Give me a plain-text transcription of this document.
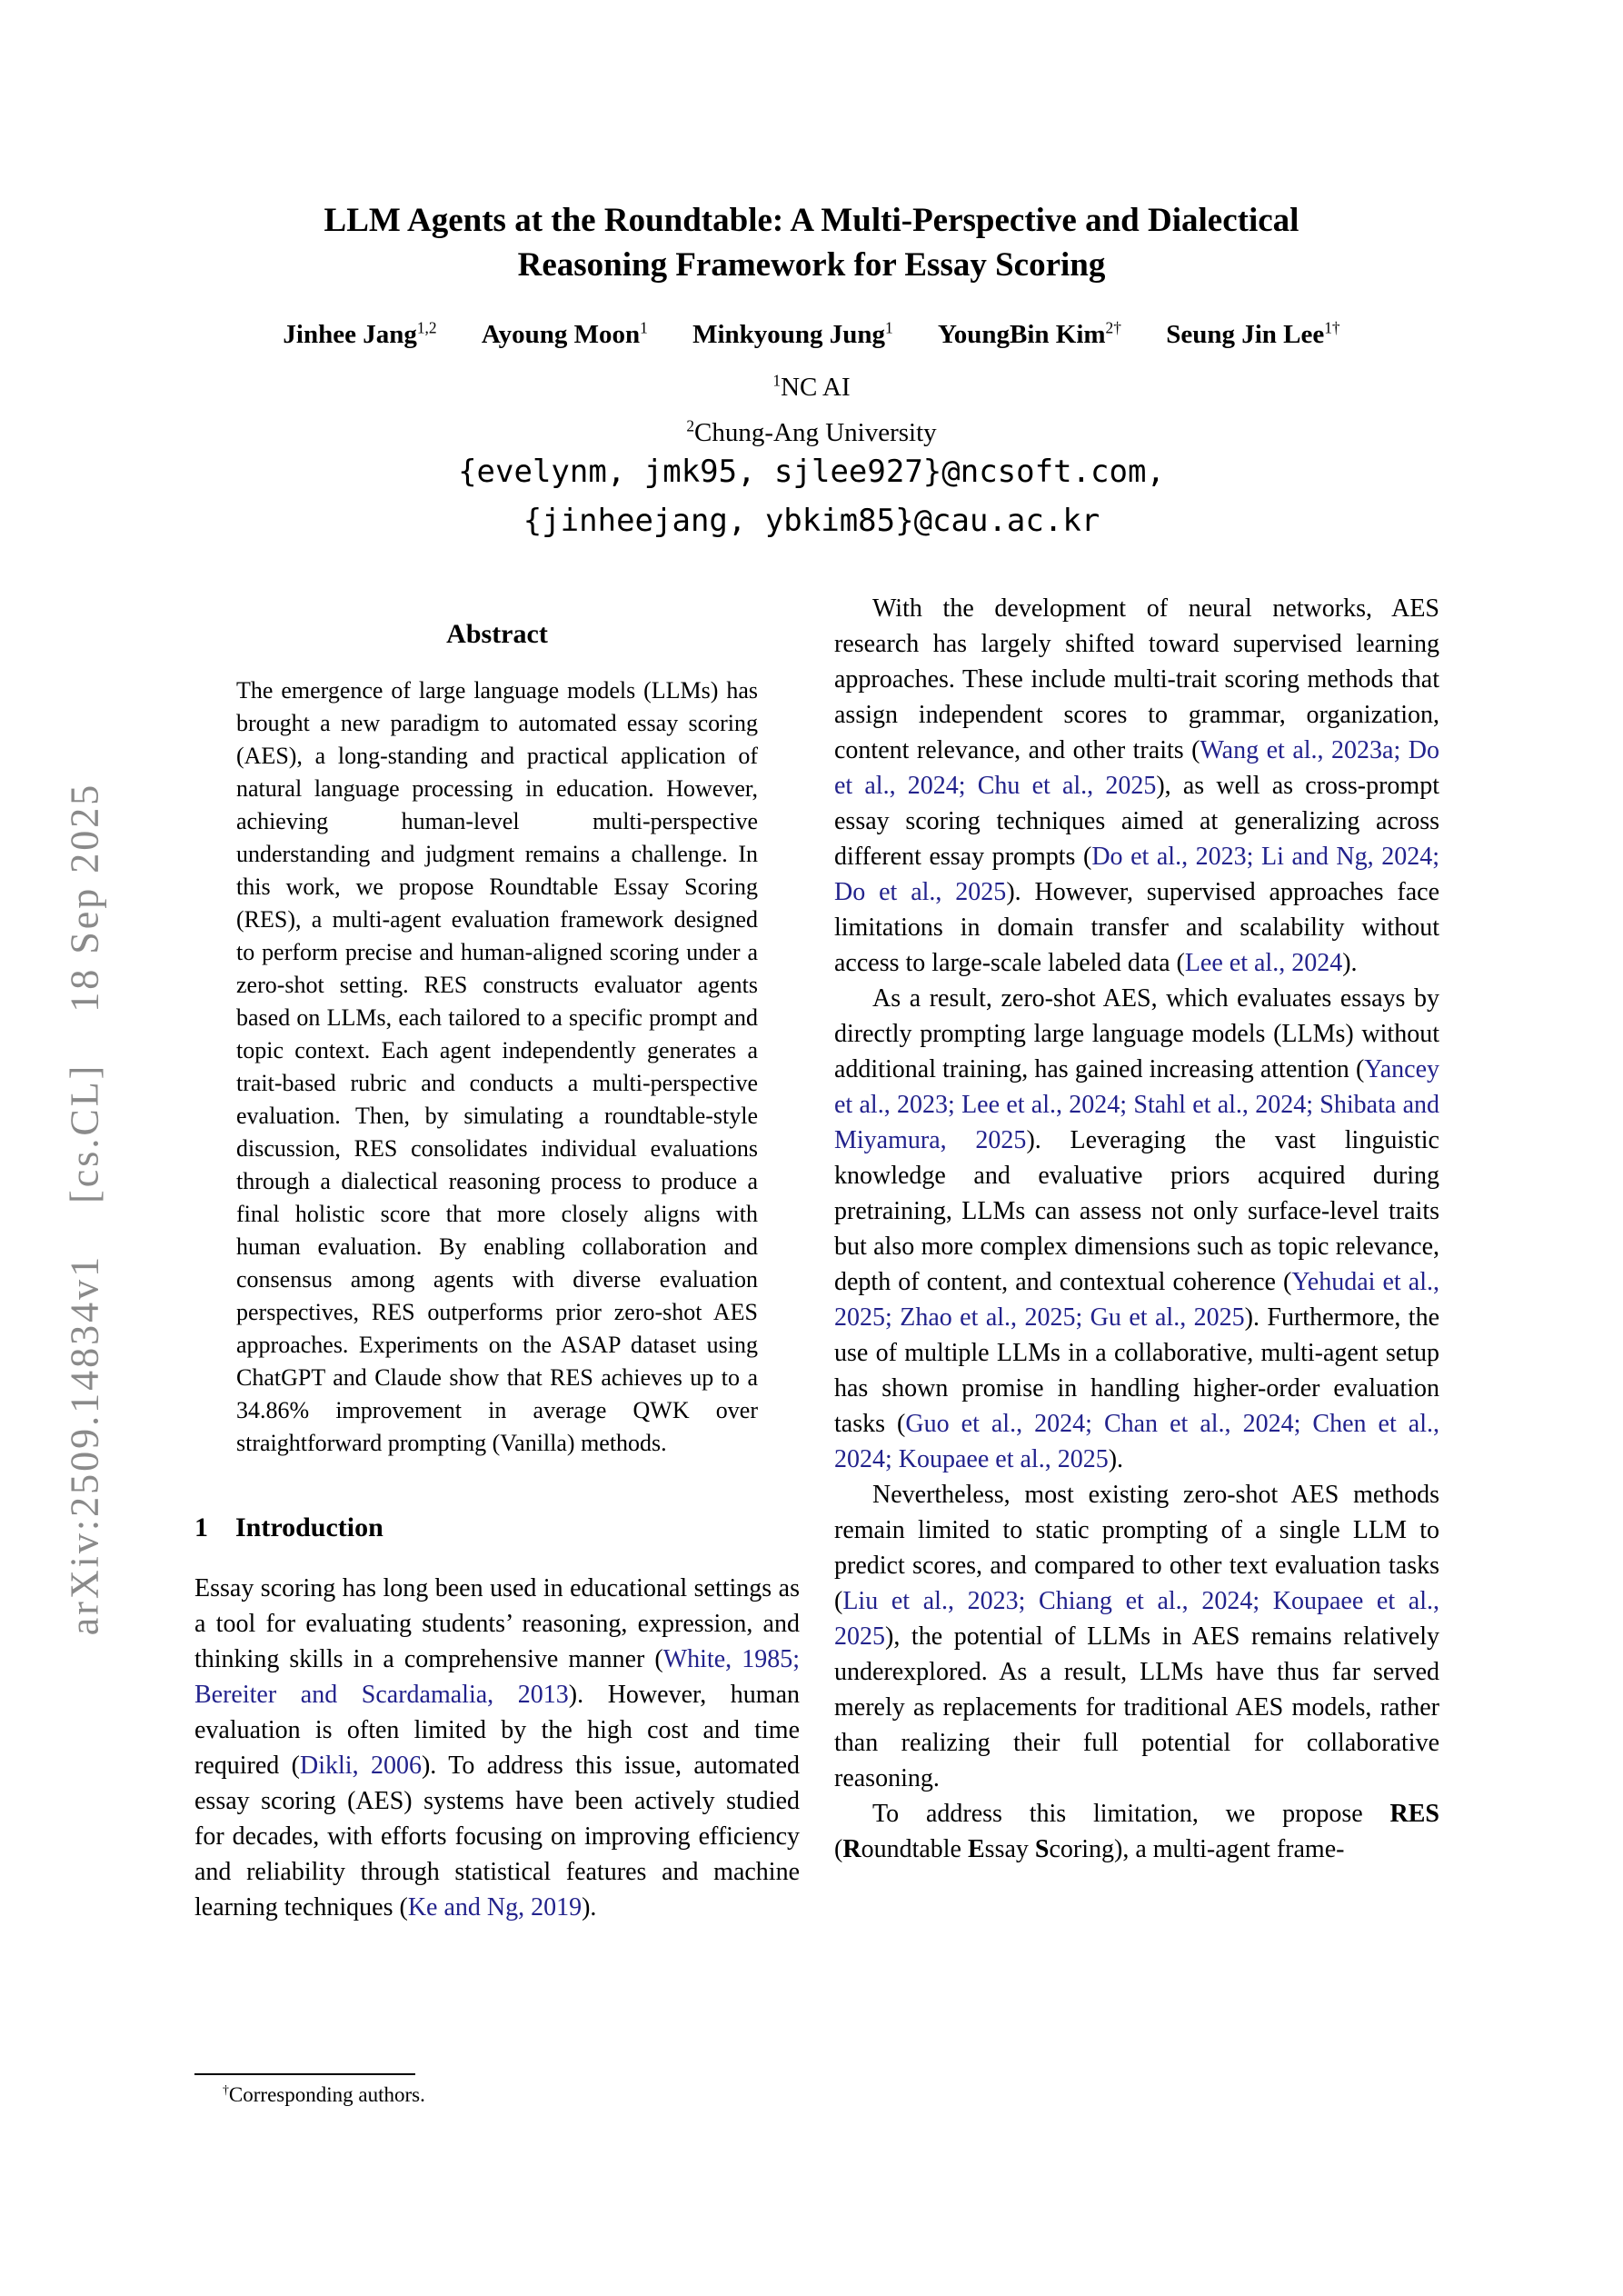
arXiv:2509.14834v1    [cs.CL]    18 Sep 2025
LLM Agents at the Roundtable: A Multi-Perspective and Dialectical
Reasoning Framework for Essay Scoring
Jinhee Jang$^{1,2}$ Ayoung Moon$^1$ Minkyoung Jung$^1$ YoungBin Kim$^{2\dagger}$ Seung Jin Lee$^{1\dagger}$
$^1$NC AI
$^2$Chung-Ang University
{evelynm, jmk95, sjlee927}@ncsoft.com,
{jinheejang, ybkim85}@cau.ac.kr
Abstract
The emergence of large language models (LLMs) has brought a new paradigm to automated essay scoring (AES), a long-standing and practical application of natural language processing in education. However, achieving human-level multi-perspective understanding and judgment remains a challenge. In this work, we propose Roundtable Essay Scoring (RES), a multi-agent evaluation framework designed to perform precise and human-aligned scoring under a zero-shot setting. RES constructs evaluator agents based on LLMs, each tailored to a specific prompt and topic context. Each agent independently generates a trait-based rubric and conducts a multi-perspective evaluation. Then, by simulating a roundtable-style discussion, RES consolidates individual evaluations through a dialectical reasoning process to produce a final holistic score that more closely aligns with human evaluation. By enabling collaboration and consensus among agents with diverse evaluation perspectives, RES outperforms prior zero-shot AES approaches. Experiments on the ASAP dataset using ChatGPT and Claude show that RES achieves up to a 34.86% improvement in average QWK over straightforward prompting (Vanilla) methods.
1 Introduction

Essay scoring has long been used in educational settings as a tool for evaluating students’ reasoning, expression, and thinking skills in a comprehensive manner (White, 1985; Bereiter and Scardamalia, 2013). However, human evaluation is often limited by the high cost and time required (Dikli, 2006). To address this issue, automated essay scoring (AES) systems have been actively studied for decades, with efforts focusing on improving efficiency and reliability through statistical features and machine learning techniques (Ke and Ng, 2019).

With the development of neural networks, AES research has largely shifted toward supervised learning approaches. These include multi-trait scoring methods that assign independent scores to grammar, organization, content relevance, and other traits (Wang et al., 2023a; Do et al., 2024; Chu et al., 2025), as well as cross-prompt essay scoring techniques aimed at generalizing across different essay prompts (Do et al., 2023; Li and Ng, 2024; Do et al., 2025). However, supervised approaches face limitations in domain transfer and scalability without access to large-scale labeled data (Lee et al., 2024).

As a result, zero-shot AES, which evaluates essays by directly prompting large language models (LLMs) without additional training, has gained increasing attention (Yancey et al., 2023; Lee et al., 2024; Stahl et al., 2024; Shibata and Miyamura, 2025). Leveraging the vast linguistic knowledge and evaluative priors acquired during pretraining, LLMs can assess not only surface-level traits but also more complex dimensions such as topic relevance, depth of content, and contextual coherence (Yehudai et al., 2025; Zhao et al., 2025; Gu et al., 2025). Furthermore, the use of multiple LLMs in a collaborative, multi-agent setup has shown promise in handling higher-order evaluation tasks (Guo et al., 2024; Chan et al., 2024; Chen et al., 2024; Koupaee et al., 2025).

Nevertheless, most existing zero-shot AES methods remain limited to static prompting of a single LLM to predict scores, and compared to other text evaluation tasks (Liu et al., 2023; Chiang et al., 2024; Koupaee et al., 2025), the potential of LLMs in AES remains relatively underexplored. As a result, LLMs have thus far served merely as replacements for traditional AES models, rather than realizing their full potential for collaborative reasoning.

To address this limitation, we propose RES (Roundtable Essay Scoring), a multi-agent frame-

†Corresponding authors.
